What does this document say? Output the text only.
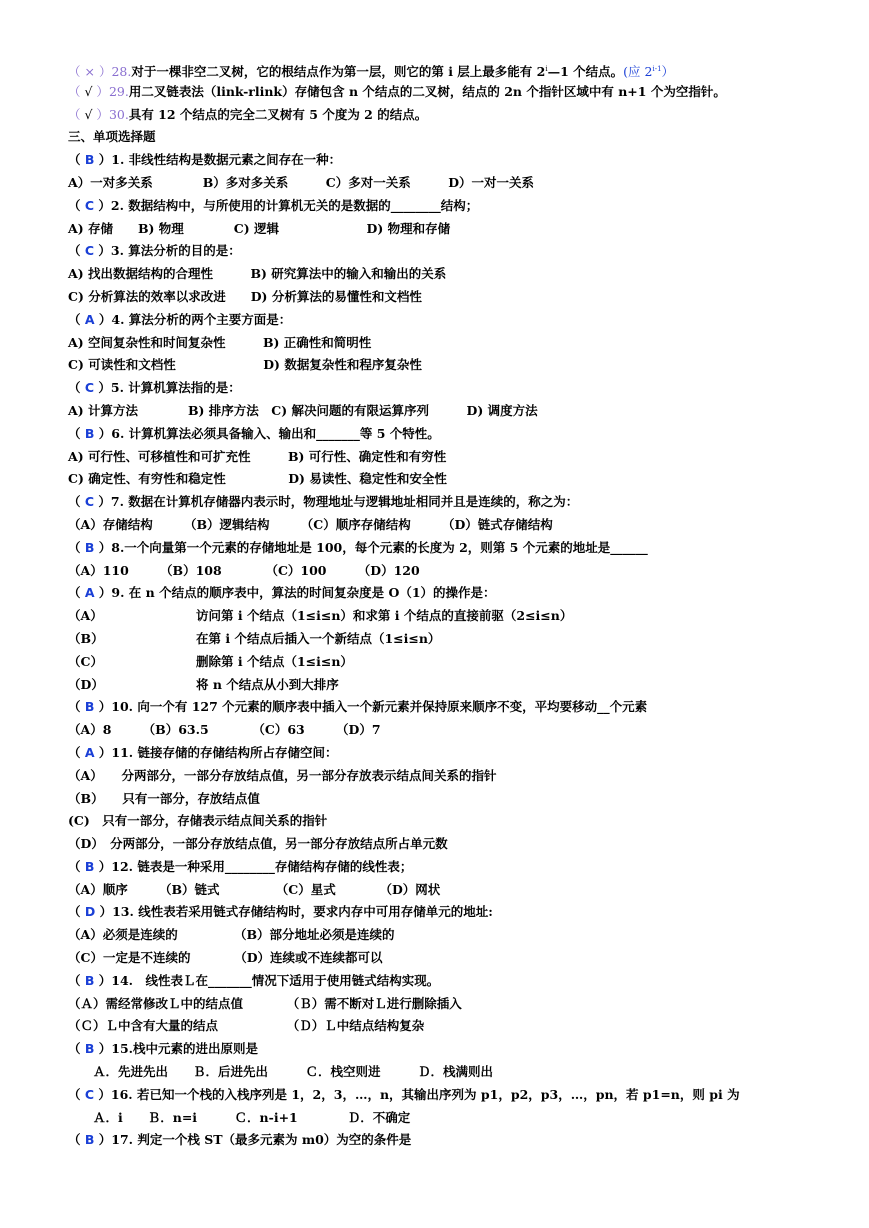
（ × ）28.对于一棵非空二叉树，它的根结点作为第一层，则它的第 i 层上最多能有 2$^i$—1 个结点。(应 2$^{i-1}$）
（ √ ）29.用二叉链表法（link-rlink）存储包含 n 个结点的二叉树，结点的 2n 个指针区域中有 n+1 个为空指针。
（ √ ）30.具有 12 个结点的完全二叉树有 5 个度为 2 的结点。
三、单项选择题
（ B ）1. 非线性结构是数据元素之间存在一种：
A）一对多关系　　　　B）多对多关系　　　C）多对一关系　　　D）一对一关系
（ C ）2. 数据结构中，与所使用的计算机无关的是数据的________结构；
A) 存储　　B) 物理　　　　C) 逻辑　　　　　　　D) 物理和存储
（ C ）3. 算法分析的目的是：
A) 找出数据结构的合理性　　　B) 研究算法中的输入和输出的关系
C) 分析算法的效率以求改进　　D) 分析算法的易懂性和文档性
（ A ）4. 算法分析的两个主要方面是：
A) 空间复杂性和时间复杂性　　　B) 正确性和简明性
C) 可读性和文档性　　　　　　　D) 数据复杂性和程序复杂性
（ C ）5. 计算机算法指的是：
A) 计算方法　　　　B) 排序方法　C) 解决问题的有限运算序列　　　D) 调度方法
（ B ）6. 计算机算法必须具备输入、输出和_______等 5 个特性。
A) 可行性、可移植性和可扩充性　　　B) 可行性、确定性和有穷性
C) 确定性、有穷性和稳定性　　　　　D) 易读性、稳定性和安全性
（ C ）7. 数据在计算机存储器内表示时，物理地址与逻辑地址相同并且是连续的，称之为：
（A）存储结构　　　（B）逻辑结构　　　（C）顺序存储结构　　　（D）链式存储结构
（ B ）8.一个向量第一个元素的存储地址是 100，每个元素的长度为 2，则第 5 个元素的地址是______
（A）110　　　（B）108　　　　（C）100　　　（D）120
（ A ）9. 在 n 个结点的顺序表中，算法的时间复杂度是 O（1）的操作是：
（A）	访问第 i 个结点（1≤i≤n）和求第 i 个结点的直接前驱（2≤i≤n）
（B）	在第 i 个结点后插入一个新结点（1≤i≤n）
（C）	删除第 i 个结点（1≤i≤n）
（D）	将 n 个结点从小到大排序
（ B ）10. 向一个有 127 个元素的顺序表中插入一个新元素并保持原来顺序不变，平均要移动__个元素
（A）8　　　（B）63.5　　　　（C）63　　　（D）7
（ A ）11. 链接存储的存储结构所占存储空间：
（A）　　分两部分，一部分存放结点值，另一部分存放表示结点间关系的指针
（B）　　只有一部分，存放结点值
(C)　只有一部分，存储表示结点间关系的指针
（D）　分两部分，一部分存放结点值，另一部分存放结点所占单元数
（ B ）12. 链表是一种采用________存储结构存储的线性表；
（A）顺序　　　（B）链式　　　　　（C）星式　　　　（D）网状
（ D ）13. 线性表若采用链式存储结构时，要求内存中可用存储单元的地址:
（A）必须是连续的　　　　　（B）部分地址必须是连续的
（C）一定是不连续的　　　　（D）连续或不连续都可以
（ B ）14.　线性表Ｌ在_______情况下适用于使用链式结构实现。
（Ａ）需经常修改Ｌ中的结点值　　　　（Ｂ）需不断对Ｌ进行删除插入
（Ｃ）Ｌ中含有大量的结点　　　　　　（Ｄ）Ｌ中结点结构复杂
（ B ）15.栈中元素的进出原则是
　　Ａ．先进先出　　Ｂ．后进先出　　　Ｃ．栈空则进　　　Ｄ．栈满则出
（ C ）16. 若已知一个栈的入栈序列是 1，2，3，…，n，其输出序列为 p1，p2，p3，…，pn，若 p1=n，则 pi 为
　　Ａ．i　　Ｂ．n=i　　　Ｃ．n-i+1　　　　Ｄ．不确定
（ B ）17. 判定一个栈 ST（最多元素为 m0）为空的条件是
